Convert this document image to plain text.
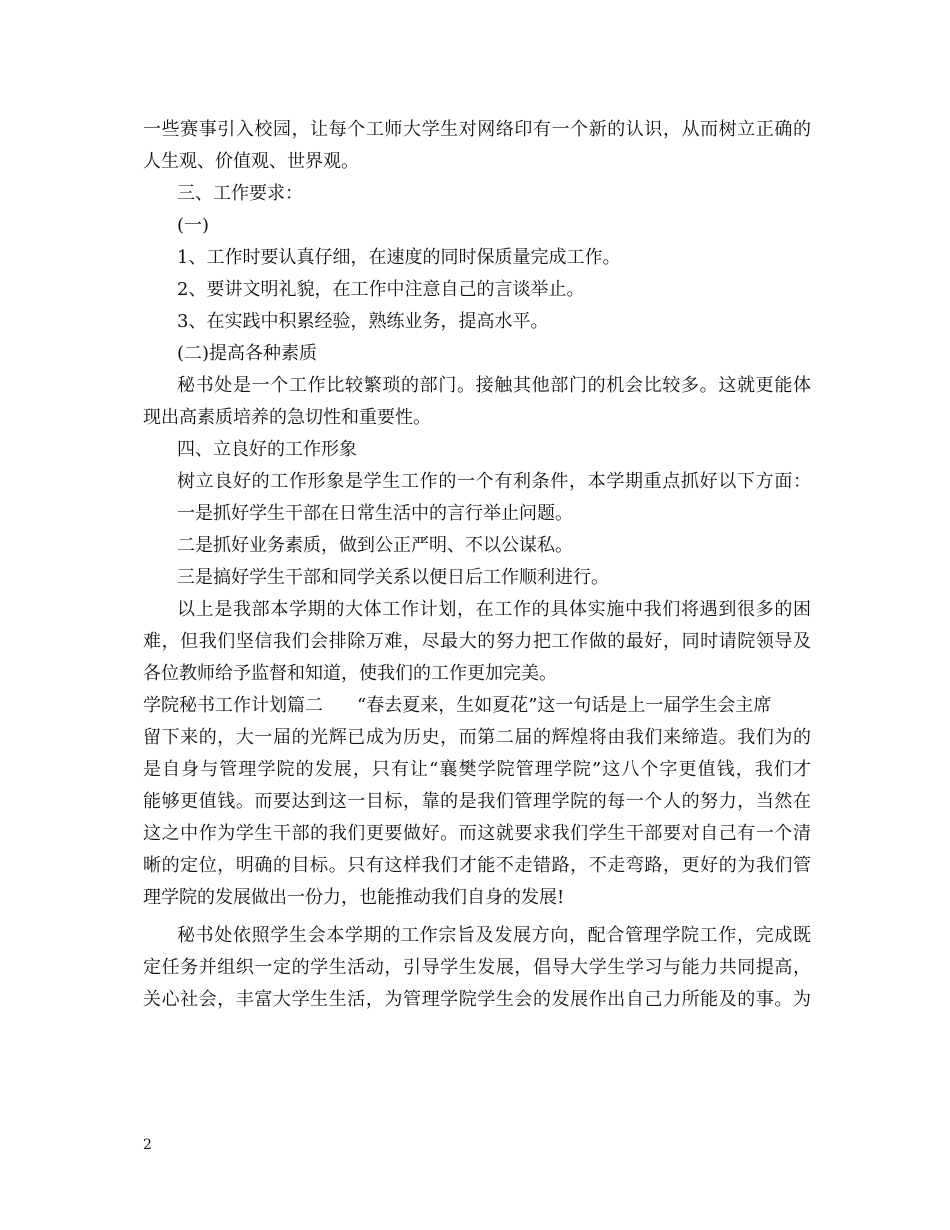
一些赛事引入校园，让每个工师大学生对网络印有一个新的认识，从而树立正确的
人生观、价值观、世界观。
三、工作要求：
(一)
1、工作时要认真仔细，在速度的同时保质量完成工作。
2、要讲文明礼貌，在工作中注意自己的言谈举止。
3、在实践中积累经验，熟练业务，提高水平。
(二)提高各种素质
秘书处是一个工作比较繁琐的部门。接触其他部门的机会比较多。这就更能体
现出高素质培养的急切性和重要性。
四、立良好的工作形象
树立良好的工作形象是学生工作的一个有利条件，本学期重点抓好以下方面：
一是抓好学生干部在日常生活中的言行举止问题。
二是抓好业务素质，做到公正严明、不以公谋私。
三是搞好学生干部和同学关系以便日后工作顺利进行。
以上是我部本学期的大体工作计划，在工作的具体实施中我们将遇到很多的困
难，但我们坚信我们会排除万难，尽最大的努力把工作做的最好，同时请院领导及
各位教师给予监督和知道，使我们的工作更加完美。
学院秘书工作计划篇二 “春去夏来，生如夏花”这一句话是上一届学生会主席
留下来的，大一届的光辉已成为历史，而第二届的辉煌将由我们来缔造。我们为的
是自身与管理学院的发展，只有让“襄樊学院管理学院”这八个字更值钱，我们才
能够更值钱。而要达到这一目标，靠的是我们管理学院的每一个人的努力，当然在
这之中作为学生干部的我们更要做好。而这就要求我们学生干部要对自己有一个清
晰的定位，明确的目标。只有这样我们才能不走错路，不走弯路，更好的为我们管
理学院的发展做出一份力，也能推动我们自身的发展!
秘书处依照学生会本学期的工作宗旨及发展方向，配合管理学院工作，完成既
定任务并组织一定的学生活动，引导学生发展，倡导大学生学习与能力共同提高，
关心社会，丰富大学生生活，为管理学院学生会的发展作出自己力所能及的事。为
2
